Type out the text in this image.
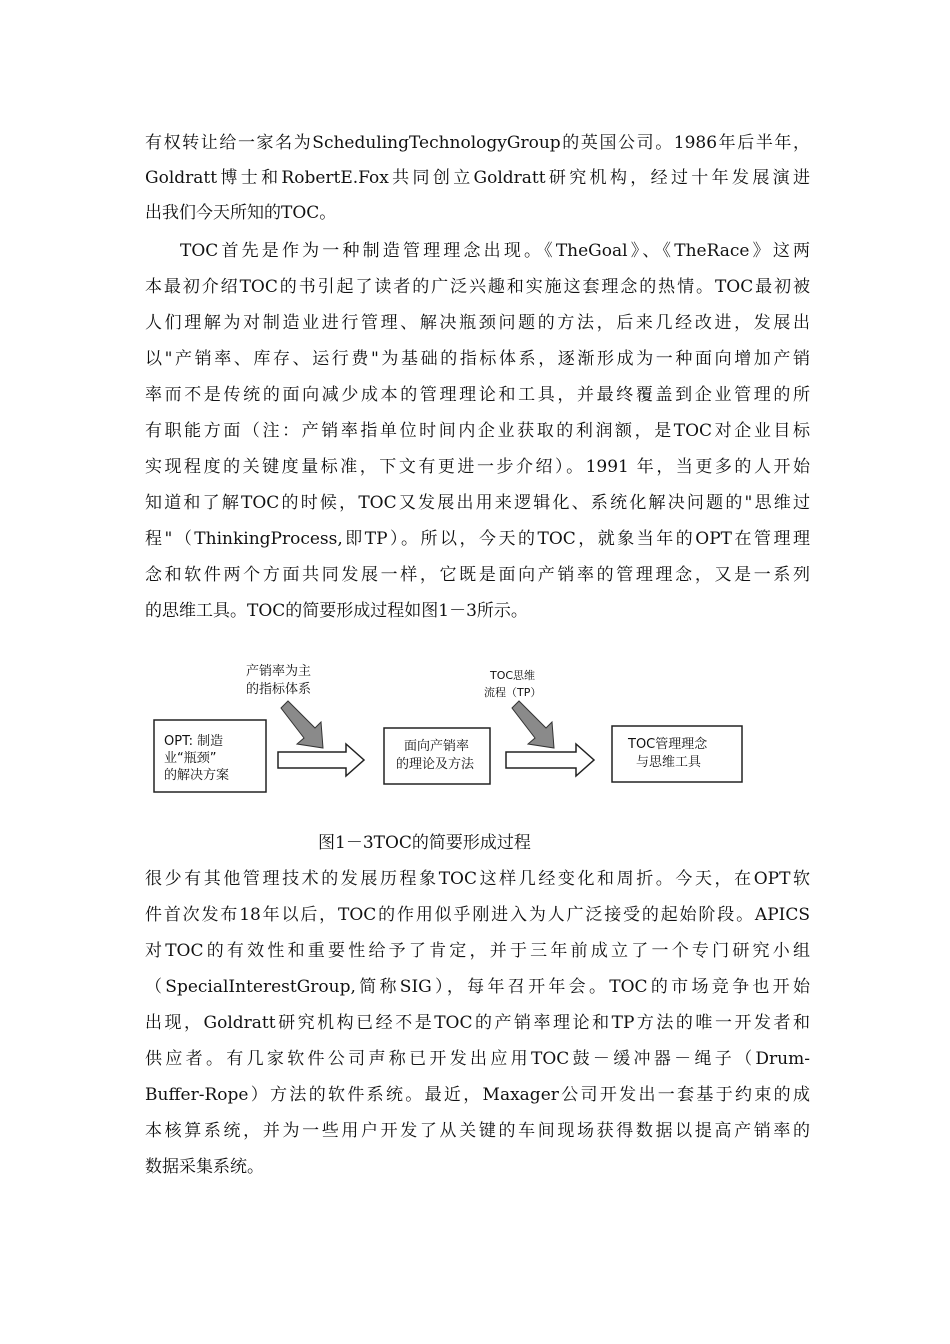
有权转让给一家名为SchedulingTechnologyGroup的英国公司。1986年后半年，
Goldratt博士和RobertE.Fox共同创立Goldratt研究机构，经过十年发展演进
出我们今天所知的TOC。
TOC首先是作为一种制造管理理念出现。《TheGoal》、《TheRace》这两
本最初介绍TOC的书引起了读者的广泛兴趣和实施这套理念的热情。TOC最初被
人们理解为对制造业进行管理、解决瓶颈问题的方法，后来几经改进，发展出
以"产销率、库存、运行费"为基础的指标体系，逐渐形成为一种面向增加产销
率而不是传统的面向减少成本的管理理论和工具，并最终覆盖到企业管理的所
有职能方面（注：产销率指单位时间内企业获取的利润额，是TOC对企业目标
实现程度的关键度量标准，下文有更进一步介绍）。1991 年，当更多的人开始
知道和了解TOC的时候，TOC又发展出用来逻辑化、系统化解决问题的"思维过
程"（ThinkingProcess,即TP）。所以，今天的TOC，就象当年的OPT在管理理
念和软件两个方面共同发展一样，它既是面向产销率的管理理念，又是一系列
的思维工具。TOC的简要形成过程如图1－3所示。
OPT: 制造
业“瓶颈”
的解决方案
产销率为主
的指标体系
面向产销率
的理论及方法
TOC思维
流程（TP）
TOC管理理念
与思维工具
图1－3TOC的简要形成过程
很少有其他管理技术的发展历程象TOC这样几经变化和周折。今天，在OPT软
件首次发布18年以后，TOC的作用似乎刚进入为人广泛接受的起始阶段。APICS
对TOC的有效性和重要性给予了肯定，并于三年前成立了一个专门研究小组
（SpecialInterestGroup,简称SIG），每年召开年会。TOC的市场竞争也开始
出现，Goldratt研究机构已经不是TOC的产销率理论和TP方法的唯一开发者和
供应者。有几家软件公司声称已开发出应用TOC鼓－缓冲器－绳子（Drum-
Buffer-Rope）方法的软件系统。最近，Maxager公司开发出一套基于约束的成
本核算系统，并为一些用户开发了从关键的车间现场获得数据以提高产销率的
数据采集系统。
